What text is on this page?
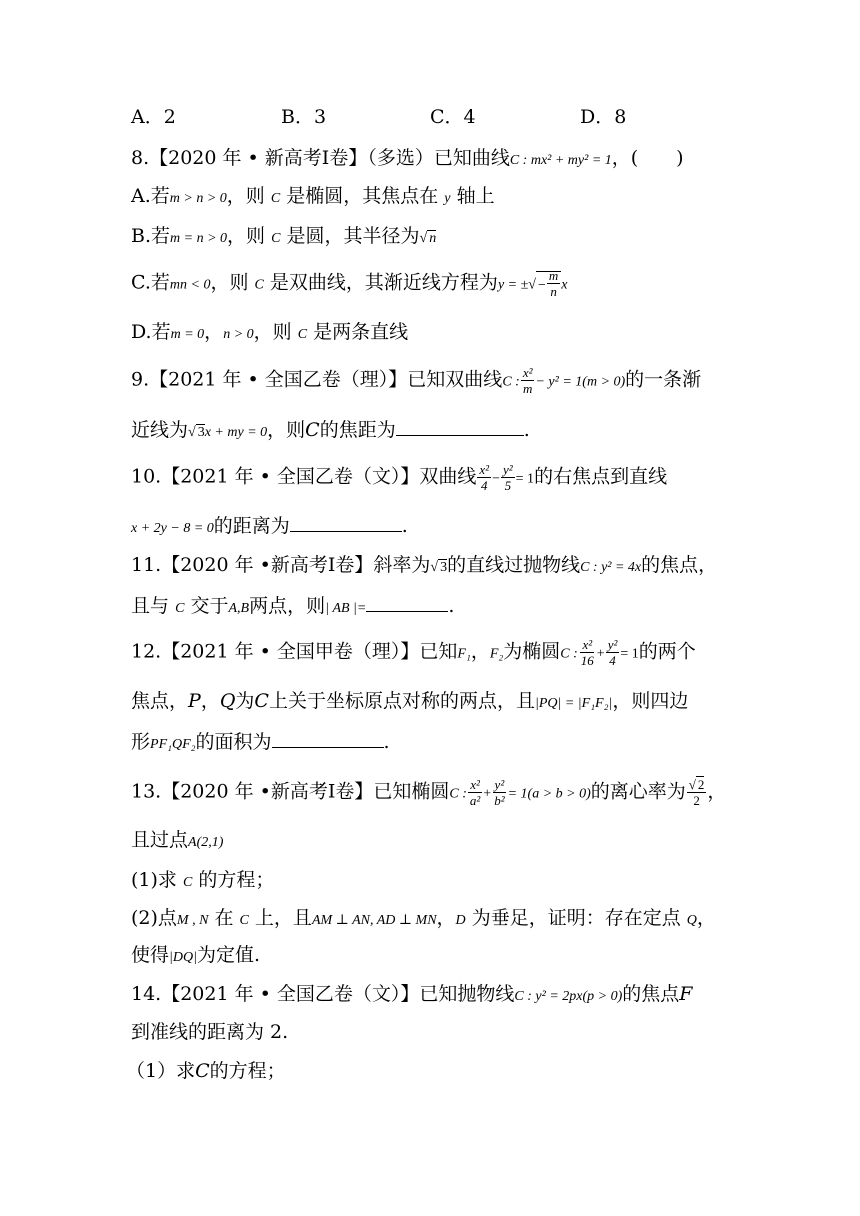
A．2	B．3	C．4	D．8
8.【2020 年 • 新高考Ⅰ卷】（多选）已知曲线C : mx² + my² = 1，(　　)
A.若m > n > 0，则 C 是椭圆，其焦点在 y 轴上
B.若m = n > 0，则 C 是圆，其半径为√ n
C.若mn < 0，则 C 是双曲线，其渐近线方程为y = ±√ − $\frac{m}{n}$ x
D.若m = 0，n > 0，则 C 是两条直线
9.【2021 年 • 全国乙卷（理）】已知双曲线C : $\frac{\text{x²}}{m} - y^2 = 1(m > 0)$的一条渐
近线为√ 3x + my = 0，则C的焦距为	.
10.【2021 年 • 全国乙卷（文）】双曲线 $\frac{\text{x²}}{4} - \frac{\text{y²}}{5} = 1$的右焦点到直线
x + 2y − 8 = 0的距离为	.
11.【2020 年 •新高考Ⅰ卷】斜率为√ 3的直线过抛物线C : y² = 4x的焦点，
且与 C 交于A,B两点，则| AB |=	.
12.【2021 年 • 全国甲卷（理）】已知F₁，F₂为椭圆C : $\frac{\text{x²}}{16} + \frac{\text{y²}}{4} = 1$的两个
焦点，P，Q为C上关于坐标原点对称的两点，且|PQ| = |F₁F₂|，则四边
形PF₁QF₂的面积为	.
13.【2020 年 •新高考Ⅰ卷】已知椭圆C : $\frac{\text{x²}}{\text{a²}} + \frac{\text{y²}}{\text{b²}} = 1(a > b > 0)$的离心率为 $\frac{√ 2}{2}$ ，
且过点A(2,1)
(1)求 C 的方程；
(2)点M , N 在 C 上，且AM ⊥ AN, AD ⊥ MN，D 为垂足，证明：存在定点 Q，
使得|DQ|为定值.
14.【2021 年 • 全国乙卷（文）】已知抛物线C : y² = 2px(p > 0)的焦点F
到准线的距离为 2.
（1）求C的方程；
